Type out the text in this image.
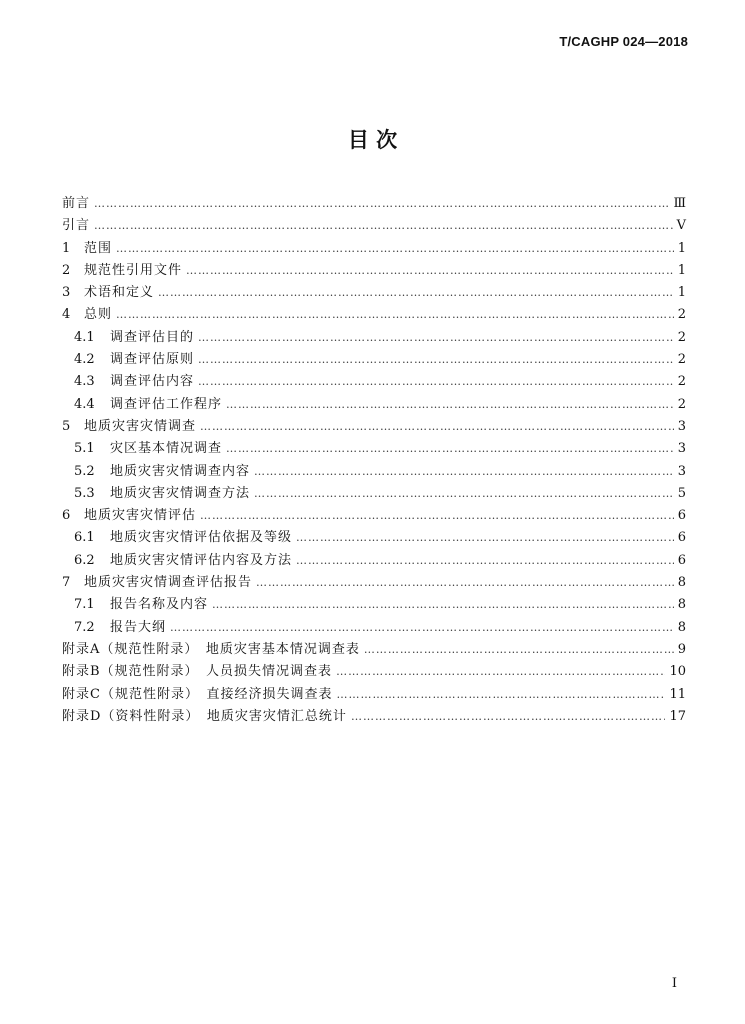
T/CAGHP 024—2018
目 次
前言 ……………………………………………………………………………………………………………………………………………………………………………………………………	Ⅲ
引言 ……………………………………………………………………………………………………………………………………………………………………………………………………	Ⅴ
1	范围 ……………………………………………………………………………………………………………………………………………………………………………………………………	1
2	规范性引用文件 ……………………………………………………………………………………………………………………………………………………………………………………………………	1
3	术语和定义 ……………………………………………………………………………………………………………………………………………………………………………………………………	1
4	总则 ……………………………………………………………………………………………………………………………………………………………………………………………………	2
4.1	调查评估目的 ……………………………………………………………………………………………………………………………………………………………………………………………………	2
4.2	调查评估原则 ……………………………………………………………………………………………………………………………………………………………………………………………………	2
4.3	调查评估内容 ……………………………………………………………………………………………………………………………………………………………………………………………………	2
4.4	调查评估工作程序 ……………………………………………………………………………………………………………………………………………………………………………………………………	2
5	地质灾害灾情调查 ……………………………………………………………………………………………………………………………………………………………………………………………………	3
5.1	灾区基本情况调查 ……………………………………………………………………………………………………………………………………………………………………………………………………	3
5.2	地质灾害灾情调查内容 ……………………………………………………………………………………………………………………………………………………………………………………………………	3
5.3	地质灾害灾情调查方法 ……………………………………………………………………………………………………………………………………………………………………………………………………	5
6	地质灾害灾情评估 ……………………………………………………………………………………………………………………………………………………………………………………………………	6
6.1	地质灾害灾情评估依据及等级 ……………………………………………………………………………………………………………………………………………………………………………………………………	6
6.2	地质灾害灾情评估内容及方法 ……………………………………………………………………………………………………………………………………………………………………………………………………	6
7	地质灾害灾情调查评估报告 ……………………………………………………………………………………………………………………………………………………………………………………………………	8
7.1	报告名称及内容 ……………………………………………………………………………………………………………………………………………………………………………………………………	8
7.2	报告大纲 ……………………………………………………………………………………………………………………………………………………………………………………………………	8
附录A（规范性附录）　地质灾害基本情况调查表 ……………………………………………………………………………………………………………………………………………………………………………………………………	9
附录B（规范性附录）　人员损失情况调查表 ……………………………………………………………………………………………………………………………………………………………………………………………………	10
附录C（规范性附录）　直接经济损失调查表 ……………………………………………………………………………………………………………………………………………………………………………………………………	11
附录D（资料性附录）　地质灾害灾情汇总统计 ……………………………………………………………………………………………………………………………………………………………………………………………………	17
Ⅰ
